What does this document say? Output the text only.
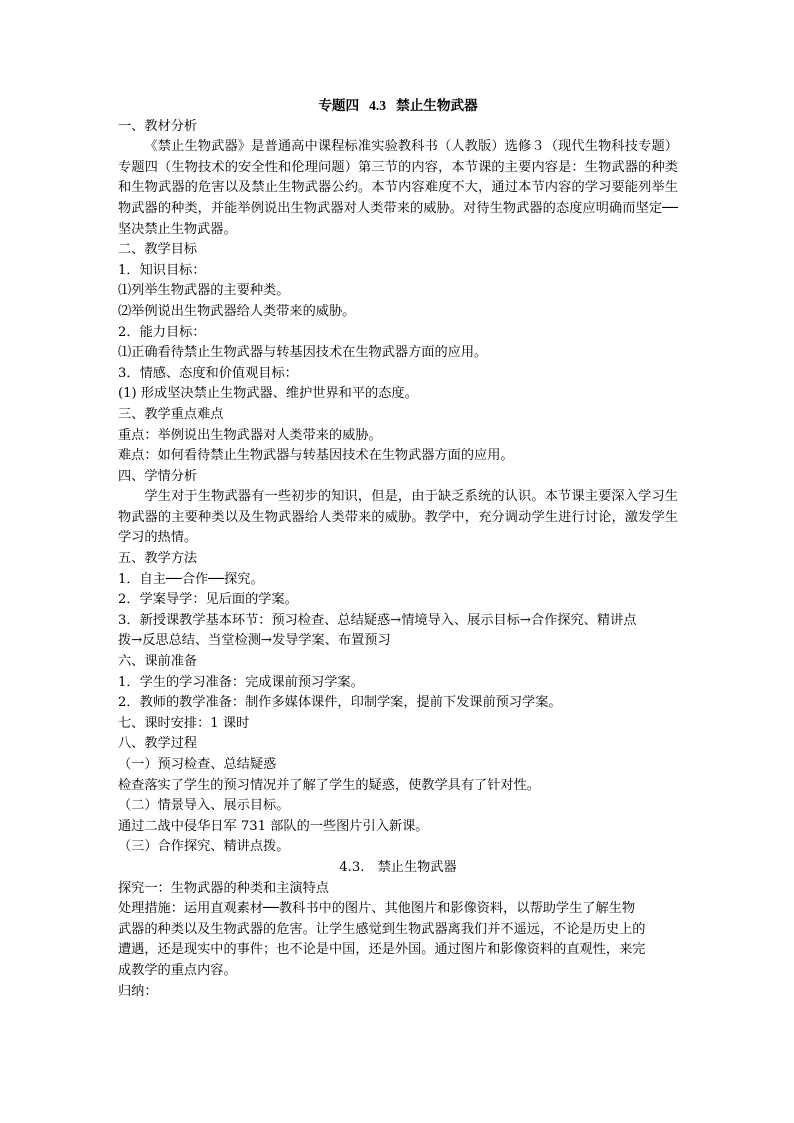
专题四 4.3 禁止生物武器
一、教材分析

《禁止生物武器》是普通高中课程标准实验教科书（人教版）选修３（现代生物科技专题）专题四（生物技术的安全性和伦理问题）第三节的内容，本节课的主要内容是：生物武器的种类和生物武器的危害以及禁止生物武器公约。本节内容难度不大，通过本节内容的学习要能列举生物武器的种类，并能举例说出生物武器对人类带来的威胁。对待生物武器的态度应明确而坚定──坚决禁止生物武器。

二、教学目标
1．知识目标：
⑴列举生物武器的主要种类。
⑵举例说出生物武器给人类带来的威胁。
2．能力目标：
⑴正确看待禁止生物武器与转基因技术在生物武器方面的应用。
3．情感、态度和价值观目标：
(1) 形成坚决禁止生物武器、维护世界和平的态度。
三、教学重点难点
重点：举例说出生物武器对人类带来的威胁。
难点：如何看待禁止生物武器与转基因技术在生物武器方面的应用。
四、学情分析

学生对于生物武器有一些初步的知识，但是，由于缺乏系统的认识。本节课主要深入学习生物武器的主要种类以及生物武器给人类带来的威胁。教学中，充分调动学生进行讨论，激发学生学习的热情。

五、教学方法
1．自主──合作──探究。
2．学案导学：见后面的学案。
3．新授课教学基本环节：预习检查、总结疑惑→情境导入、展示目标→合作探究、精讲点
拨→反思总结、当堂检测→发导学案、布置预习
六、课前准备
1．学生的学习准备：完成课前预习学案。
2．教师的教学准备：制作多媒体课件，印制学案，提前下发课前预习学案。
七、课时安排：1 课时
八、教学过程
（一）预习检查、总结疑惑
检查落实了学生的预习情况并了解了学生的疑惑，使教学具有了针对性。
（二）情景导入、展示目标。
通过二战中侵华日军 731 部队的一些图片引入新课。
（三）合作探究、精讲点拨。
4.3.　禁止生物武器
探究一：生物武器的种类和主演特点
处理措施：运用直观素材──教科书中的图片、其他图片和影像资料，以帮助学生了解生物
武器的种类以及生物武器的危害。让学生感觉到生物武器离我们并不遥远，不论是历史上的
遭遇，还是现实中的事件；也不论是中国，还是外国。通过图片和影像资料的直观性，来完
成教学的重点内容。
归纳：
